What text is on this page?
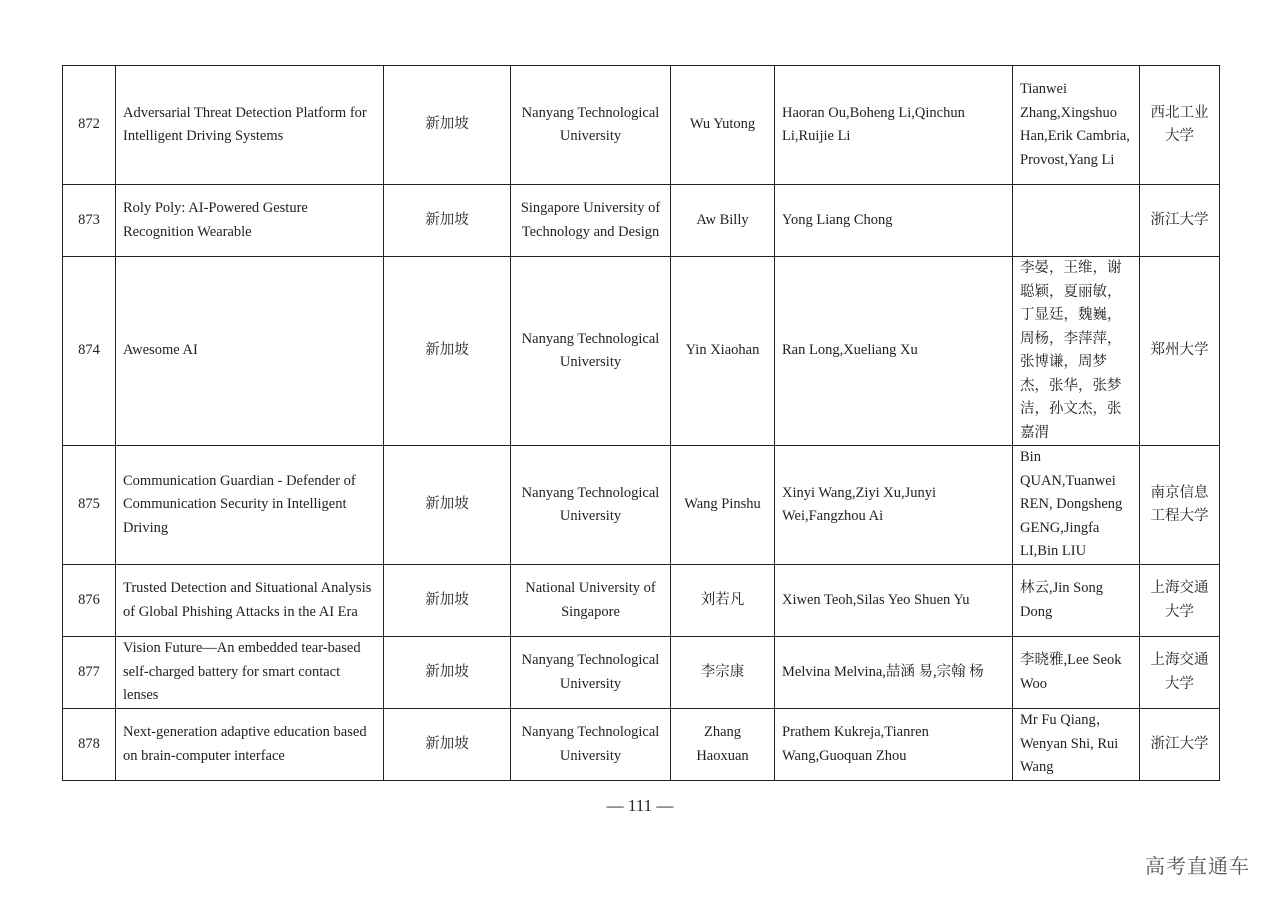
872	Adversarial Threat Detection Platform for Intelligent Driving Systems	新加坡	Nanyang Technological University	Wu Yutong	Haoran Ou,Boheng Li,Qinchun Li,Ruijie Li	Tianwei Zhang,Xingshuo Han,Erik Cambria, Provost,Yang Li	西北工业大学
873	Roly Poly: AI-Powered Gesture Recognition Wearable	新加坡	Singapore University of Technology and Design	Aw Billy	Yong Liang Chong		浙江大学
874	Awesome AI	新加坡	Nanyang Technological University	Yin Xiaohan	Ran Long,Xueliang Xu	李晏，王维，谢聪颖，夏丽敏，丁显廷，魏巍，周杨，李萍萍，张博谦，周梦杰，张华，张梦洁，孙文杰，张嘉渭	郑州大学
875	Communication Guardian - Defender of Communication Security in Intelligent Driving	新加坡	Nanyang Technological University	Wang Pinshu	Xinyi Wang,Ziyi Xu,Junyi Wei,Fangzhou Ai	Bin QUAN,Tuanwei REN, Dongsheng GENG,Jingfa LI,Bin LIU	南京信息工程大学
876	Trusted Detection and Situational Analysis of Global Phishing Attacks in the AI Era	新加坡	National University of Singapore	刘若凡	Xiwen Teoh,Silas Yeo Shuen Yu	林云,Jin Song Dong	上海交通大学
877	Vision Future—An embedded tear-based self-charged battery for smart contact lenses	新加坡	Nanyang Technological University	李宗康	Melvina Melvina,喆涵 易,宗翰 杨	李晓雅,Lee Seok Woo	上海交通大学
878	Next-generation adaptive education based on brain-computer interface	新加坡	Nanyang Technological University	Zhang Haoxuan	Prathem Kukreja,Tianren Wang,Guoquan Zhou	Mr Fu Qiang，Wenyan Shi, Rui Wang	浙江大学
— 111 —
高考直通车
